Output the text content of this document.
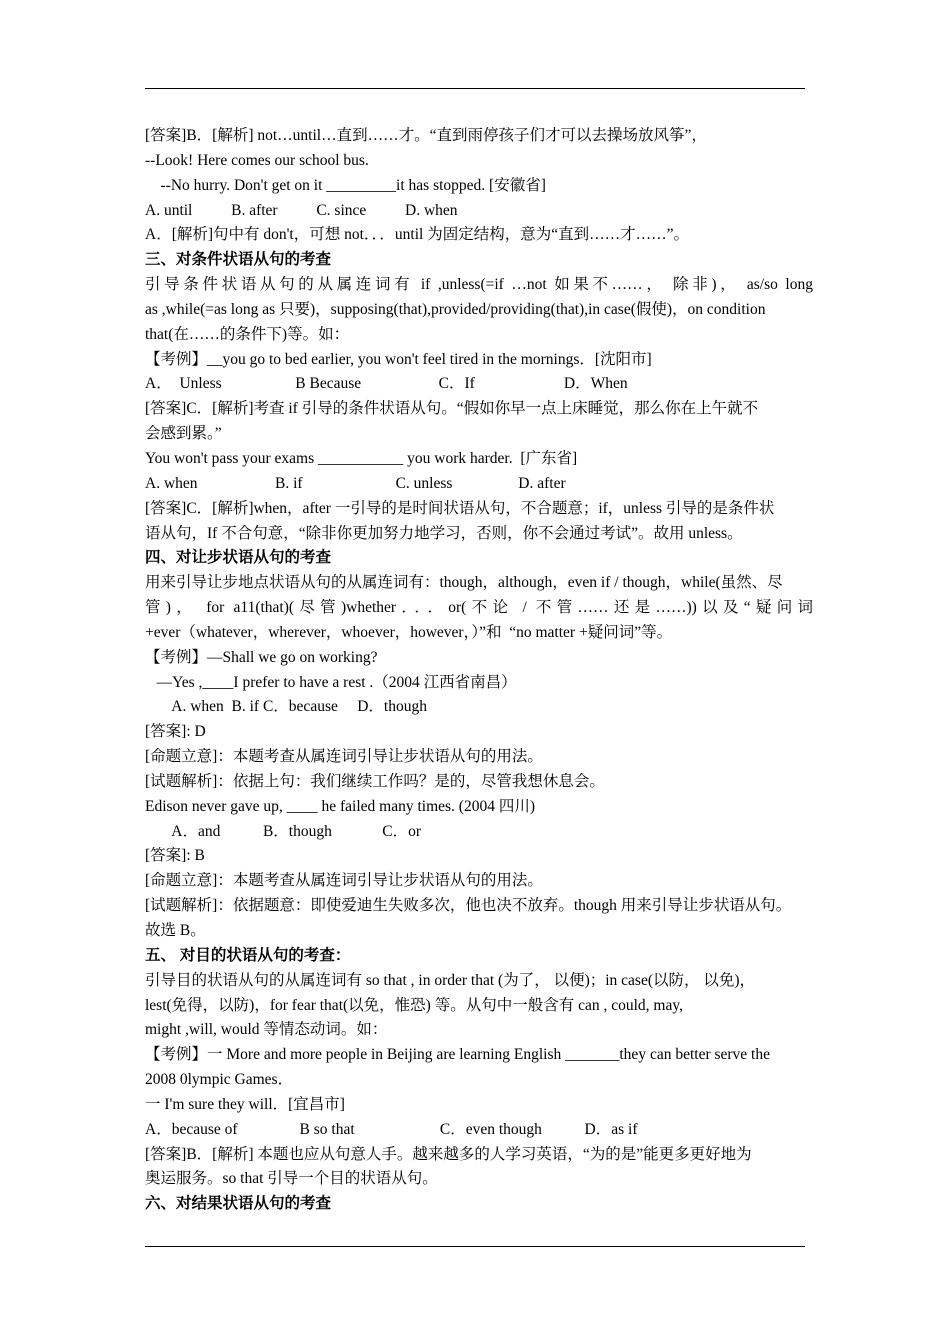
[答案]B．[解析] not…until…直到……才。“直到雨停孩子们才可以去操场放风筝”，
--Look! Here comes our school bus.
--No hurry. Don't get on it _________it has stopped. [安徽省]
A. until          B. after          C. since          D. when
A．[解析]句中有 don't，可想 not．．．until 为固定结构，意为“直到……才……”。
三、对条件状语从句的考查
引导条件状语从句的从属连词有 if ,unless(=if …not 如果不……， 除非)， as/so long
as ,while(=as long as 只要)，supposing(that),provided/providing(that),in case(假使)，on condition
that(在……的条件下)等。如：
【考例】__you go to bed earlier, you won't feel tired in the mornings．[沈阳市]
A．  Unless                   B Because                    C．If                       D．When
[答案]C．[解析]考查 if 引导的条件状语从句。“假如你早一点上床睡觉，那么你在上午就不
会感到累。”
You won't pass your exams ___________ you work harder.  [广东省]
A. when                    B. if                        C. unless                 D. after
[答案]C．[解析]when，after 一引导的是时间状语从句，不合题意；if，unless 引导的是条件状
语从句，If 不合句意，“除非你更加努力地学习，否则，你不会通过考试”。故用 unless。
四、对让步状语从句的考查
用来引导让步地点状语从句的从属连词有：though，although，even if / though，while(虽然、尽
管)， for a11(that)(尽管)whether．．．or(不论 / 不管……还是……))以及“疑问词
+ever（whatever，wherever，whoever，however，）”和  “no matter +疑问词”等。
【考例】—Shall we go on working?
—Yes ,____I prefer to have a rest .（2004 江西省南昌）
A. when  B. if C．because     D．though
[答案]: D
[命题立意]：本题考查从属连词引导让步状语从句的用法。
[试题解析]：依据上句：我们继续工作吗？是的，尽管我想休息会。
Edison never gave up, ____ he failed many times. (2004 四川)
A．and           B．though             C．or
[答案]: B
[命题立意]：本题考查从属连词引导让步状语从句的用法。
[试题解析]：依据题意：即使爱迪生失败多次，他也决不放弃。though 用来引导让步状语从句。
故选 B。
五、 对目的状语从句的考查：
引导目的状语从句的从属连词有 so that , in order that (为了， 以便)；in case(以防， 以免)，
lest(免得，以防)，for fear that(以免，惟恐) 等。从句中一般含有 can , could, may,
might ,will, would 等情态动词。如：
【考例】一 More and more people in Beijing are learning English _______they can better serve the
2008 0lympic Games．
一 I'm sure they will．[宜昌市]
A．because of                B so that                      C．even though           D．as if
[答案]B．[解析] 本题也应从句意人手。越来越多的人学习英语，“为的是”能更多更好地为
奥运服务。so that 引导一个目的状语从句。
六、对结果状语从句的考查
